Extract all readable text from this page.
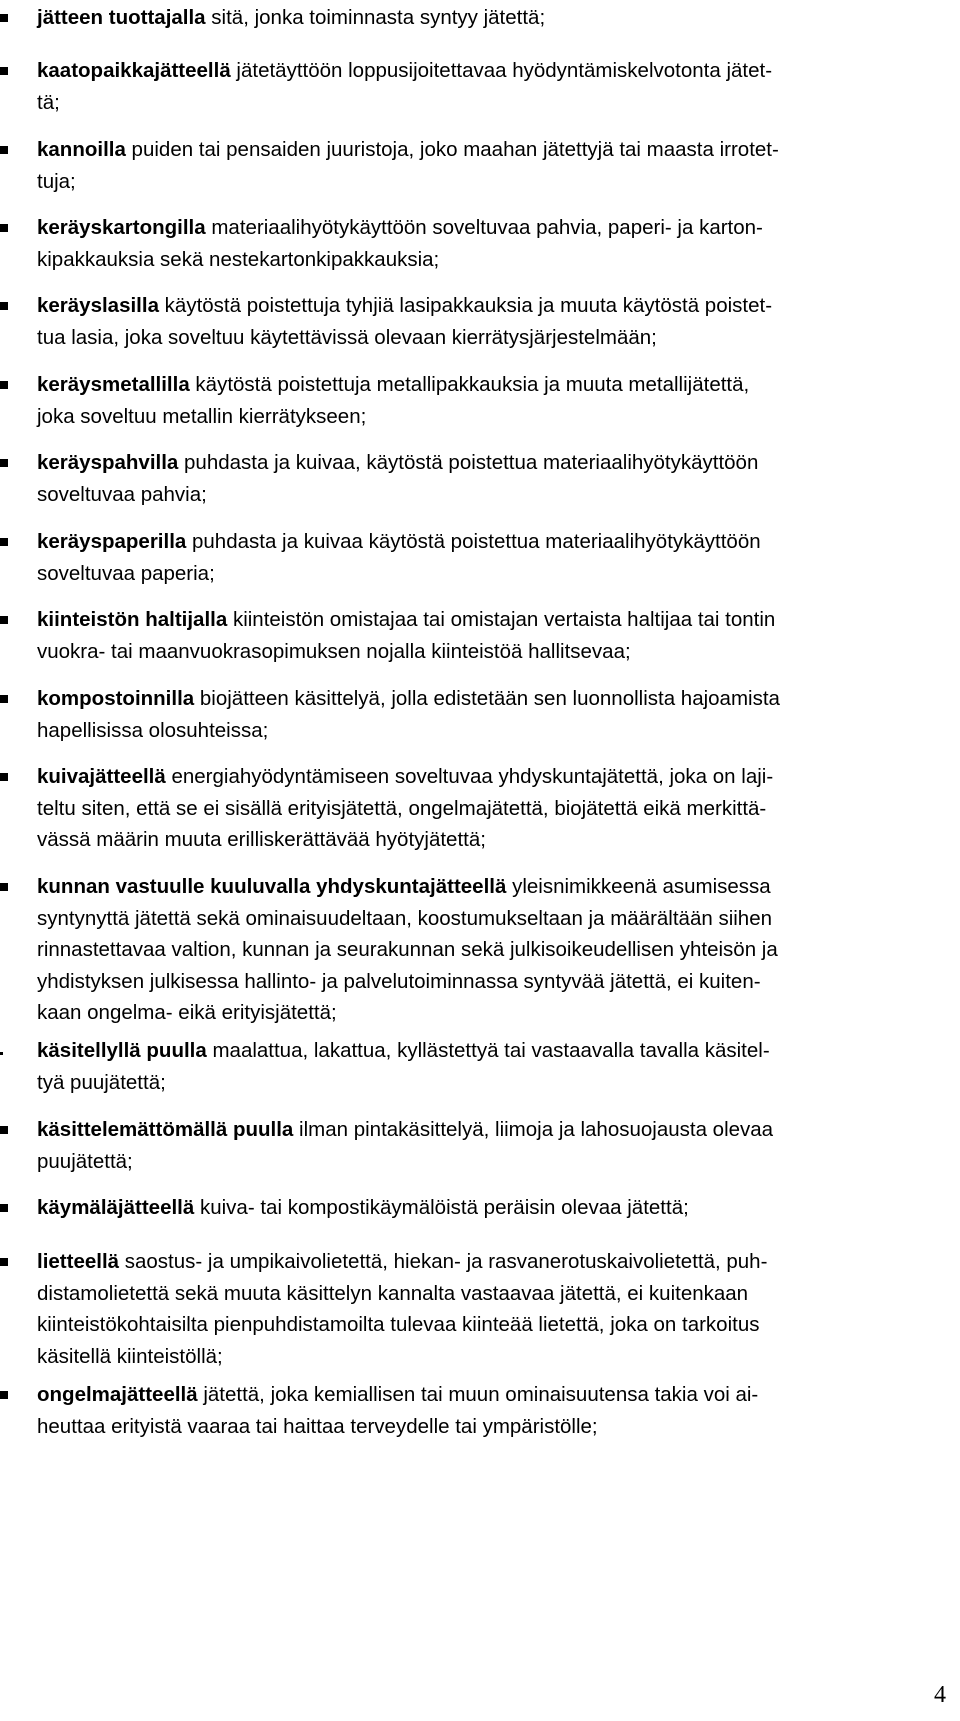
jätteen tuottajalla sitä, jonka toiminnasta syntyy jätettä;
kaatopaikkajätteellä jätetäyttöön loppusijoitettavaa hyödyntämiskelvotonta jätet-
tä;
kannoilla puiden tai pensaiden juuristoja, joko maahan jätettyjä tai maasta irrotet-
tuja;
keräyskartongilla materiaalihyötykäyttöön soveltuvaa pahvia, paperi- ja karton-
kipakkauksia sekä nestekartonkipakkauksia;
keräyslasilla käytöstä poistettuja tyhjiä lasipakkauksia ja muuta käytöstä poistet-
tua lasia, joka soveltuu käytettävissä olevaan kierrätysjärjestelmään;
keräysmetallilla käytöstä poistettuja metallipakkauksia ja muuta metallijätettä,
joka soveltuu metallin kierrätykseen;
keräyspahvilla puhdasta ja kuivaa, käytöstä poistettua materiaalihyötykäyttöön
soveltuvaa pahvia;
keräyspaperilla puhdasta ja kuivaa käytöstä poistettua materiaalihyötykäyttöön
soveltuvaa paperia;
kiinteistön haltijalla kiinteistön omistajaa tai omistajan vertaista haltijaa tai tontin
vuokra- tai maanvuokrasopimuksen nojalla kiinteistöä hallitsevaa;
kompostoinnilla biojätteen käsittelyä, jolla edistetään sen luonnollista hajoamista
hapellisissa olosuhteissa;
kuivajätteellä energiahyödyntämiseen soveltuvaa yhdyskuntajätettä, joka on laji-
teltu siten, että se ei sisällä erityisjätettä, ongelmajätettä, biojätettä eikä merkittä-
vässä määrin muuta erilliskerättävää hyötyjätettä;
kunnan vastuulle kuuluvalla yhdyskuntajätteellä yleisnimikkeenä asumisessa
syntynyttä jätettä sekä ominaisuudeltaan, koostumukseltaan ja määrältään siihen
rinnastettavaa valtion, kunnan ja seurakunnan sekä julkisoikeudellisen yhteisön ja
yhdistyksen julkisessa hallinto- ja palvelutoiminnassa syntyvää jätettä, ei kuiten-
kaan ongelma- eikä erityisjätettä;
käsitellyllä puulla maalattua, lakattua, kyllästettyä tai vastaavalla tavalla käsitel-
tyä puujätettä;
käsittelemättömällä puulla ilman pintakäsittelyä, liimoja ja lahosuojausta olevaa
puujätettä;
käymäläjätteellä kuiva- tai kompostikäymälöistä peräisin olevaa jätettä;
lietteellä saostus- ja umpikaivolietettä, hiekan- ja rasvanerotuskaivolietettä, puh-
distamolietettä sekä muuta käsittelyn kannalta vastaavaa jätettä, ei kuitenkaan
kiinteistökohtaisilta pienpuhdistamoilta tulevaa kiinteää lietettä, joka on tarkoitus
käsitellä kiinteistöllä;
ongelmajätteellä jätettä, joka kemiallisen tai muun ominaisuutensa takia voi ai-
heuttaa erityistä vaaraa tai haittaa terveydelle tai ympäristölle;
4
